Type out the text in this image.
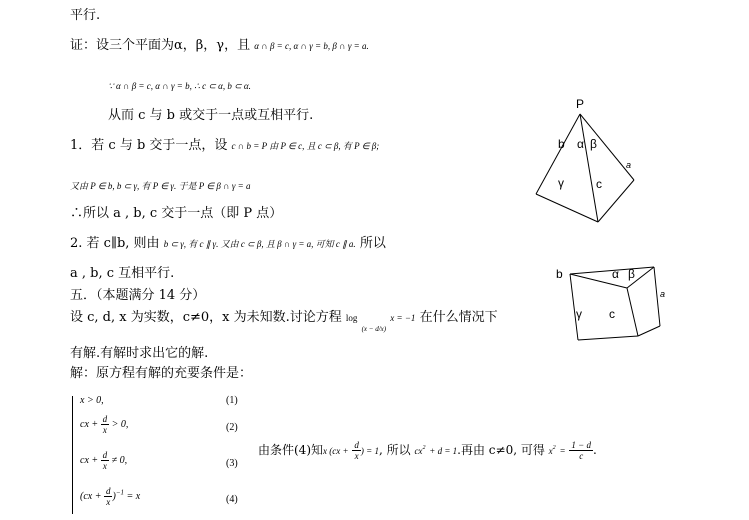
平行.
证：设三个平面为α，β，γ，且 α ∩ β = c, α ∩ γ = b, β ∩ γ = a.
∵ α ∩ β = c, α ∩ γ = b, ∴ c ⊂ α, b ⊂ α.
从而 c 与 b 或交于一点或互相平行.
1．若 c 与 b 交于一点，设 c ∩ b = P 由 P ∈ c, 且 c ⊂ β, 有 P ∈ β;
又由 P ∈ b, b ⊂ γ, 有 P ∈ γ. 于是 P ∈ β ∩ γ = a
∴所以 a , b, c 交于一点（即 P 点）
2. 若 c∥b, 则由 b ⊂ γ, 有 c ∥ γ. 又由 c ⊂ β, 且 β ∩ γ = a, 可知 c ∥ a. 所以
a , b, c 互相平行.
五．（本题满分 14 分）
设 c, d, x 为实数，c≠0，x 为未知数.讨论方程 log $_{(x - d/x)}$ x = −1 在什么情况下
有解.有解时求出它的解.
解：原方程有解的充要条件是：
x > 0,	(1)
cx + $\frac{d}{x} > 0$,	(2)
cx + $\frac{d}{x} \ne 0$,	(3)
$(cx + \frac{d}{x} )^{-1} = x$	(4)
由条件(4)知x ($cx + \frac{d}{x}$ ) = 1, 所以 $cx^2 + d = 1$.再由 c≠0, 可得 $x^2 = \frac{1 - d}{c}$ .
P
b α β
a
γ	c
b	α β
a
γ c
